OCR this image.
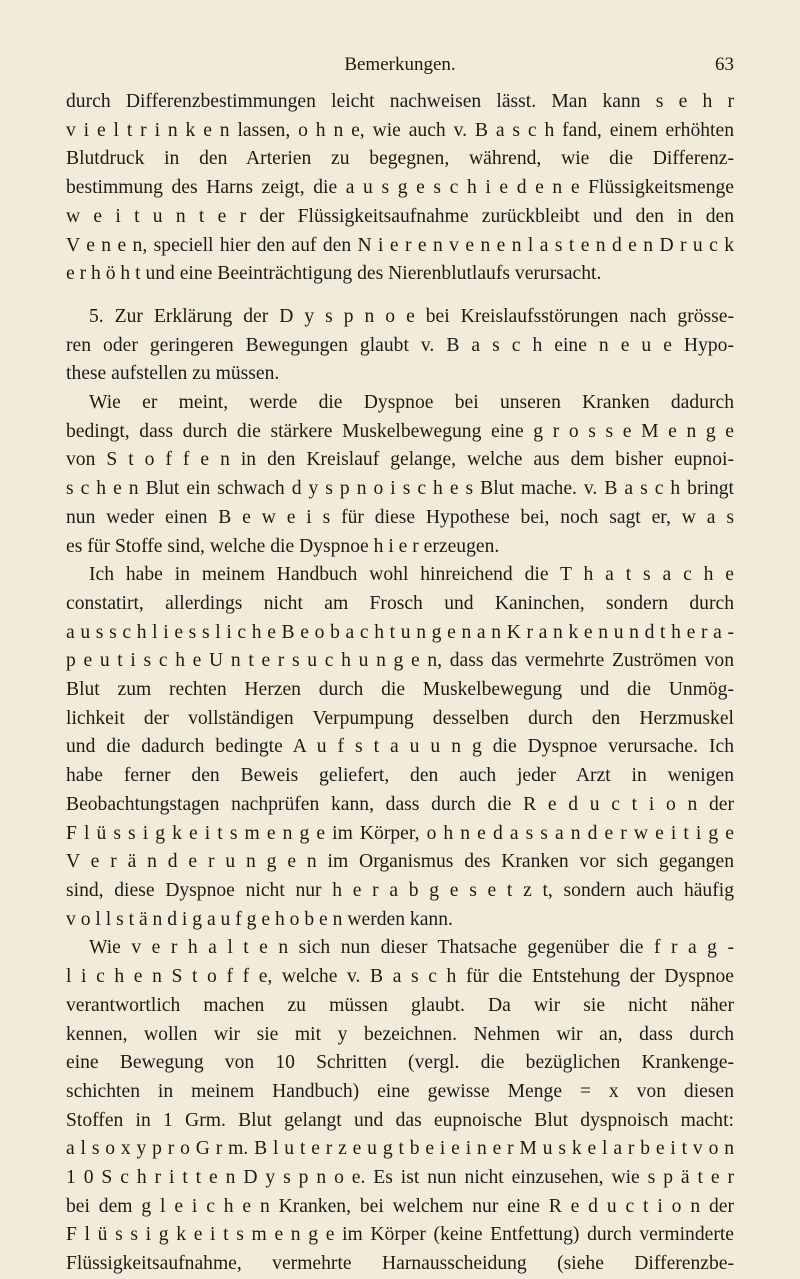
Bemerkungen.	63
durch Differenzbestimmungen leicht nachweisen lässt. Man kann s e h r
v i e l t r i n k e n lassen, o h n e, wie auch v. B a s c h fand, einem erhöhten
Blutdruck in den Arterien zu begegnen, während, wie die Differenz-
bestimmung des Harns zeigt, die a u s g e s c h i e d e n e Flüssigkeitsmenge
w e i t u n t e r der Flüssigkeitsaufnahme zurückbleibt und den in den
V e n e n, speciell hier den auf den N i e r e n v e n e n l a s t e n d e n D r u c k
e r h ö h t und eine Beeinträchtigung des Nierenblutlaufs verursacht.
5. Zur Erklärung der D y s p n o e bei Kreislaufsstörungen nach grösse-
ren oder geringeren Bewegungen glaubt v. B a s c h eine n e u e Hypo-
these aufstellen zu müssen.
Wie er meint, werde die Dyspnoe bei unseren Kranken dadurch
bedingt, dass durch die stärkere Muskelbewegung eine g r o s s e M e n g e
von S t o f f e n in den Kreislauf gelange, welche aus dem bisher eupnoi-
s c h e n Blut ein schwach d y s p n o i s c h e s Blut mache. v. B a s c h bringt
nun weder einen B e w e i s für diese Hypothese bei, noch sagt er, w a s
es für Stoffe sind, welche die Dyspnoe h i e r erzeugen.
Ich habe in meinem Handbuch wohl hinreichend die T h a t s a c h e
constatirt, allerdings nicht am Frosch und Kaninchen, sondern durch
a u s s c h l i e s s l i c h e B e o b a c h t u n g e n a n K r a n k e n u n d t h e r a -
p e u t i s c h e U n t e r s u c h u n g e n, dass das vermehrte Zuströmen von
Blut zum rechten Herzen durch die Muskelbewegung und die Unmög-
lichkeit der vollständigen Verpumpung desselben durch den Herzmuskel
und die dadurch bedingte A u f s t a u u n g die Dyspnoe verursache. Ich
habe ferner den Beweis geliefert, den auch jeder Arzt in wenigen
Beobachtungstagen nachprüfen kann, dass durch die R e d u c t i o n der
F l ü s s i g k e i t s m e n g e im Körper, o h n e d a s s a n d e r w e i t i g e
V e r ä n d e r u n g e n im Organismus des Kranken vor sich gegangen
sind, diese Dyspnoe nicht nur h e r a b g e s e t z t, sondern auch häufig
v o l l s t ä n d i g a u f g e h o b e n werden kann.
Wie v e r h a l t e n sich nun dieser Thatsache gegenüber die f r a g -
l i c h e n S t o f f e, welche v. B a s c h für die Entstehung der Dyspnoe
verantwortlich machen zu müssen glaubt. Da wir sie nicht näher
kennen, wollen wir sie mit y bezeichnen. Nehmen wir an, dass durch
eine Bewegung von 10 Schritten (vergl. die bezüglichen Krankenge-
schichten in meinem Handbuch) eine gewisse Menge = x von diesen
Stoffen in 1 Grm. Blut gelangt und das eupnoische Blut dyspnoisch macht:
a l s o x y p r o G r m. B l u t e r z e u g t b e i e i n e r M u s k e l a r b e i t v o n
1 0 S c h r i t t e n D y s p n o e. Es ist nun nicht einzusehen, wie s p ä t e r
bei dem g l e i c h e n Kranken, bei welchem nur eine R e d u c t i o n der
F l ü s s i g k e i t s m e n g e im Körper (keine Entfettung) durch verminderte
Flüssigkeitsaufnahme, vermehrte Harnausscheidung (siehe Differenzbe-
